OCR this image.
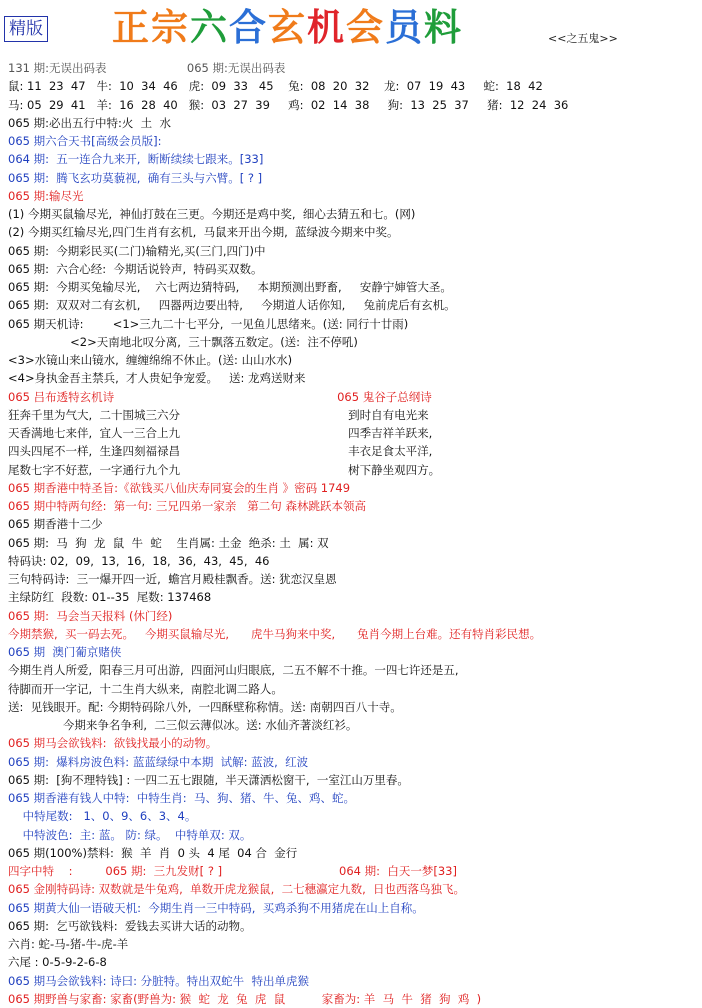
精版 正宗六合玄机会员料	<<之五鬼>>
131 期:无误出码表                      065 期:无误出码表
鼠: 11  23  47   牛:  10  34  46   虎:  09  33   45    兔:  08  20  32    龙:  07  19  43     蛇:  18  42
马: 05  29  41   羊:  16  28  40   猴:  03  27  39     鸡:  02  14  38     狗:  13  25  37     猪:  12  24  36
065 期:必出五行中特:火  土  水
065 期六合天书[高级会员版]:
064 期:  五一连合九来开,  断断续续七跟来。[33]
065 期:  腾飞玄功莫藐视,  确有三头与六臂。[ ? ]
065 期:输尽光
(1) 今期买鼠输尽光,  神仙打鼓在三更。今期还是鸡中奖,  细心去猜五和七。(网)
(2) 今期买红输尽光,四门生肖有玄机,  马鼠来开出今期,  蓝绿波今期来中奖。
065 期:  今期彩民买(二门)输精光,买(三门,四门)中
065 期:  六合心经:  今期话说铃声,  特码买双数。
065 期:  今期买兔输尽光,    六七两边猜特码,     本期预测出野畜,     安静宁婶管大圣。
065 期:  双双对二有玄机,     四器两边要出特,     今期道人话你知,     兔前虎后有玄机。
065 期天机诗:        <1>三九二十七平分,  一见鱼儿思绪来。(送: 同行十廿雨)
<2>天南地北叹分离,  三十飘落五数定。(送:  注不停吼)
<3>水镜山来山镜水,  缠缠绵绵不休止。(送: 山山水水)
<4>身执金吾主禁兵,  才人贵妃争宠爱。   送: 龙鸡送财来
065 吕布透特玄机诗                                                             065 鬼谷子总纲诗
狂奔千里为气大,  二十围城三六分                                              到时自有电光来
天香满地七来伴,  宜人一三合上九                                              四季吉祥羊跃来,
四头四尾不一样,  生逢四刻福禄昌                                              丰衣足食太平洋,
尾数七字不好惹,  一字通行九个九                                              树下静坐观四方。
065 期香港中特圣旨:《欲钱买八仙庆寿同宴会的生肖 》密码 1749
065 期中特两句经:  第一句: 三兄四弟一家亲   第二句 森林跳跃本领高
065 期香港十二少
065 期:  马  狗  龙  鼠  牛  蛇    生肖属: 土金  绝杀: 土  属: 双
特码诀: 02,  09,  13,  16,  18,  36,  43,  45,  46
三句特码诗:  三一爆开四一近,  蟾宫月殿桂飘香。送: 犹恋汉皇恩
主绿防红  段数: 01--35  尾数: 137468
065 期:  马会当天报料 (休门经)
今期禁猴,  买一码去死。   今期买鼠输尽光,      虎牛马狗来中奖,      兔肖今期上台难。还有特肖彩民想。
065 期  澳门葡京赌侠
今期生肖人所爱,  阳春三月可出游,  四面河山归眼底,  二五不解不十推。一四七许还是五,
待脚而开一字记,  十二生肖大纵来,  南腔北调二路人。
送:  见钱眼开。配: 今期特码除八外,  一四酥壁称称情。送: 南朝四百八十寺。
今期来争名争利,  二三似云薄似冰。送: 水仙齐著淡红衫。
065 期马会欲钱料:  欲钱找最小的动物。
065 期:  爆料房波色料: 蓝蓝绿绿中本期  试解: 蓝波,  红波
065 期:  [狗不理特钱] : 一四二五七跟随,  半天潇洒松窗干,  一室江山万里春。
065 期香港有钱人中特:  中特生肖:  马、狗、猪、牛、兔、鸡、蛇。
中特尾数:   1、0、9、6、3、4。
中特波色:  主: 蓝。 防: 绿。  中特单双: 双。
065 期(100%)禁料:  猴  羊  肖  0 头  4 尾  04 合  金行
四字中特    :         065 期:  三九发财[ ? ]                                064 期:  白天一梦[33]
065 金刚特码诗: 双数就是牛兔鸡,  单数开虎龙猴鼠,  二七穗瀛定九数,  日也西落鸟独飞。
065 期黄大仙一语破天机:  今期生肖一三中特码,  买鸡杀狗不用猪虎在山上自称。
065 期:  乞丐欲钱料:  爱钱去买讲大话的动物。
六肖: 蛇-马-猪-牛-虎-羊
六尾 : 0-5-9-2-6-8
065 期马会欲钱料: 诗曰: 分脏特。特出双蛇牛  特出单虎猴
065 期野兽与家畜: 家畜(野兽为: 猴  蛇  龙  兔  虎  鼠          家畜为: 羊  马  牛  猪  狗  鸡  )
